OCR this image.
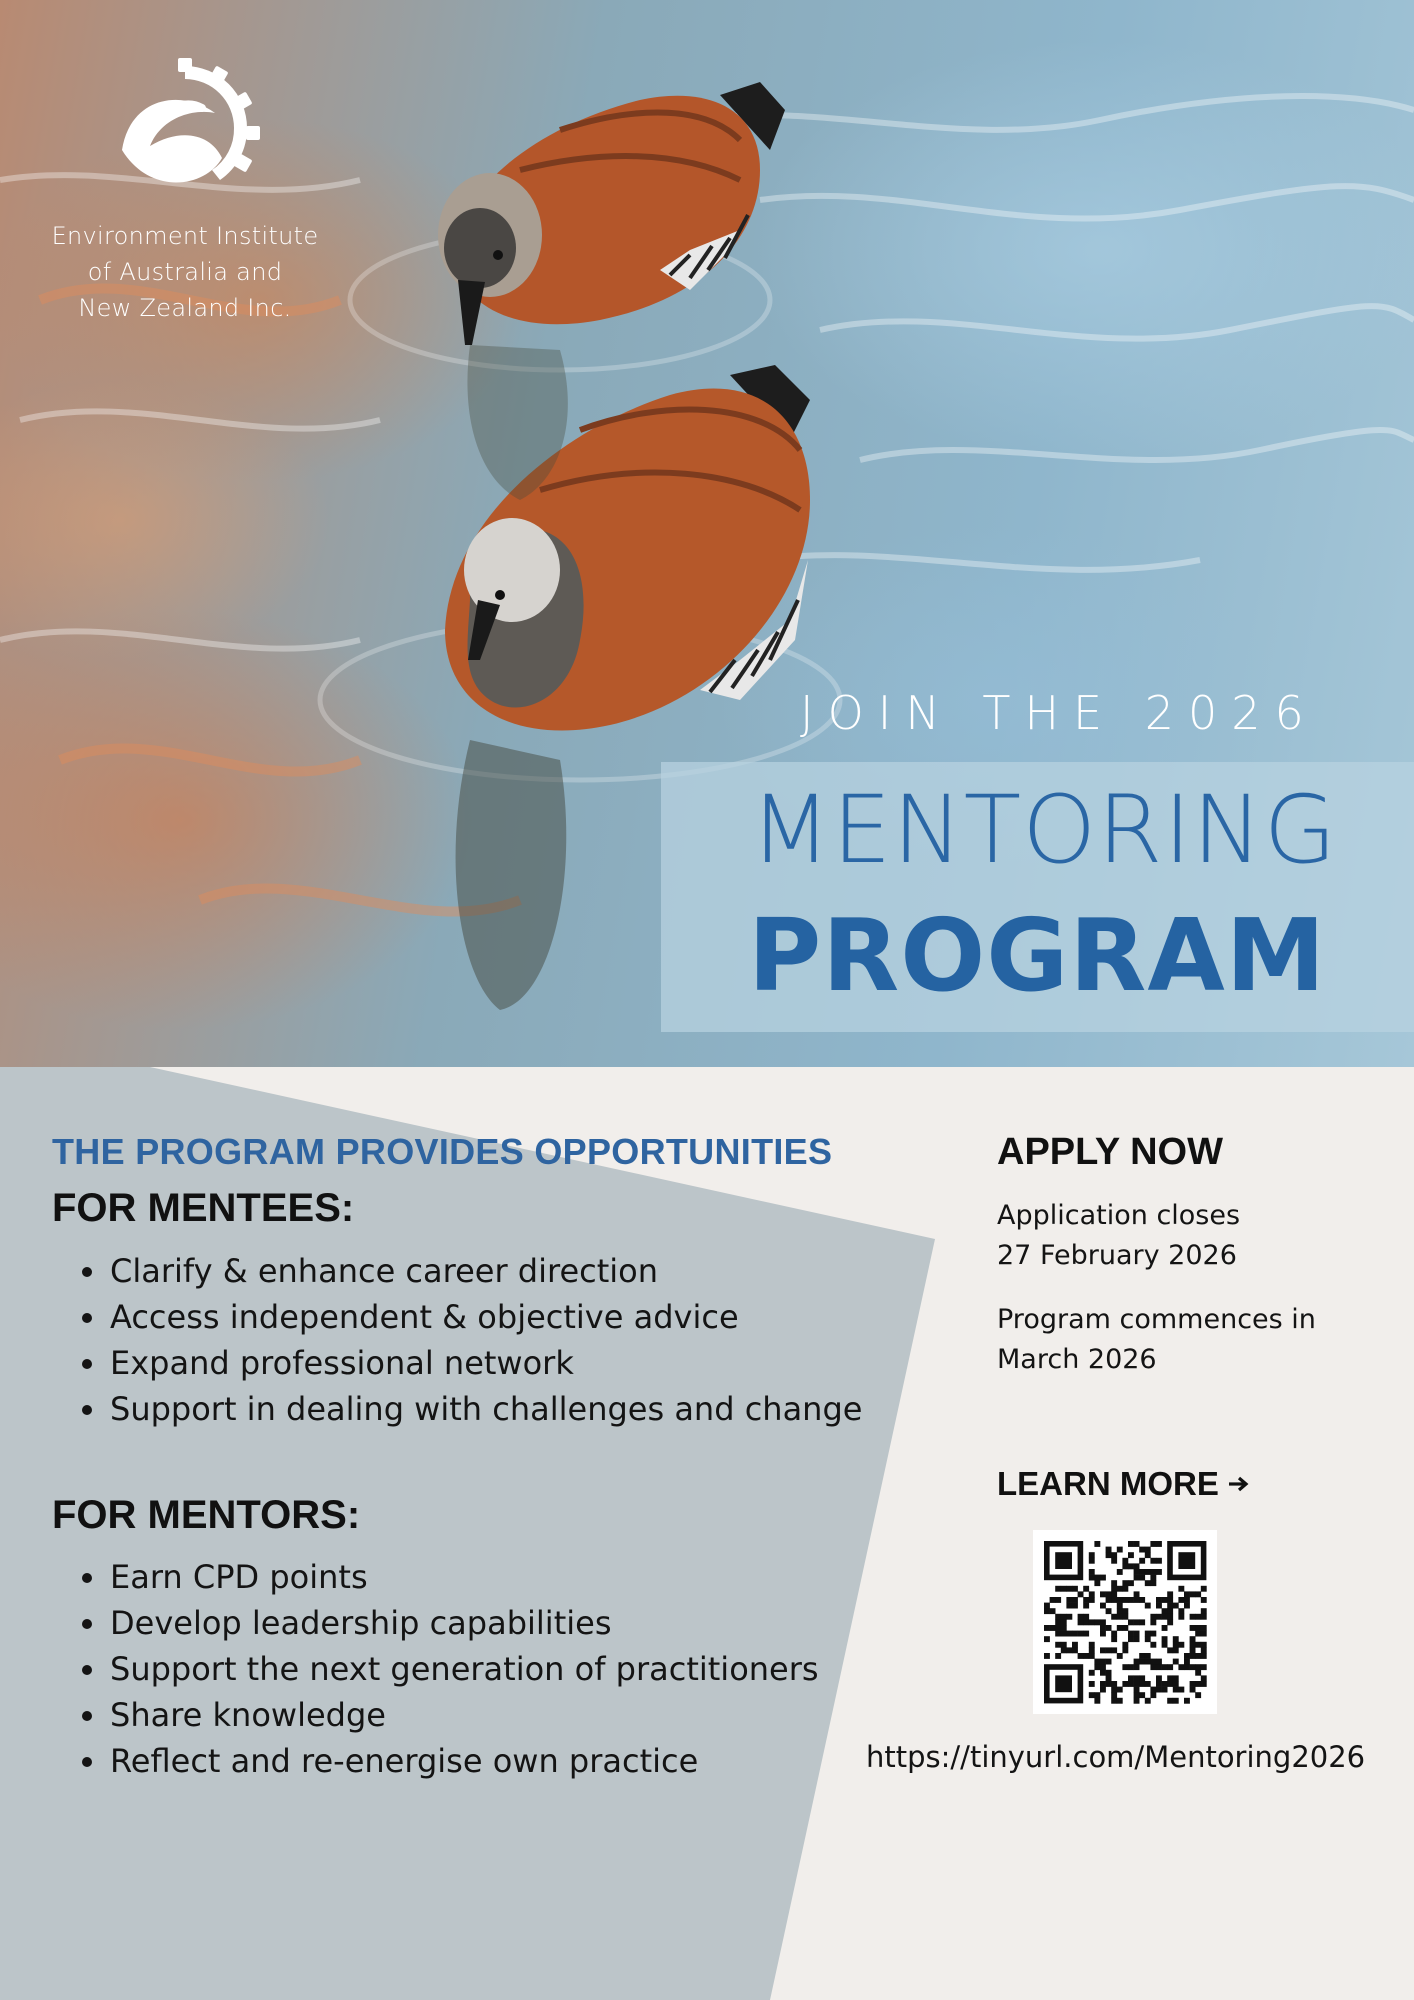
Environment Institute
of Australia and
New Zealand Inc.
JOIN THE 2026
MENTORING
PROGRAM
THE PROGRAM PROVIDES OPPORTUNITIES
FOR MENTEES:
Clarify & enhance career direction
Access independent & objective advice
Expand professional network
Support in dealing with challenges and change
FOR MENTORS:
Earn CPD points
Develop leadership capabilities
Support the next generation of practitioners
Share knowledge
Reflect and re-energise own practice
APPLY NOW
Application closes
27 February 2026
Program commences in
March 2026
LEARN MORE
https://tinyurl.com/Mentoring2026
